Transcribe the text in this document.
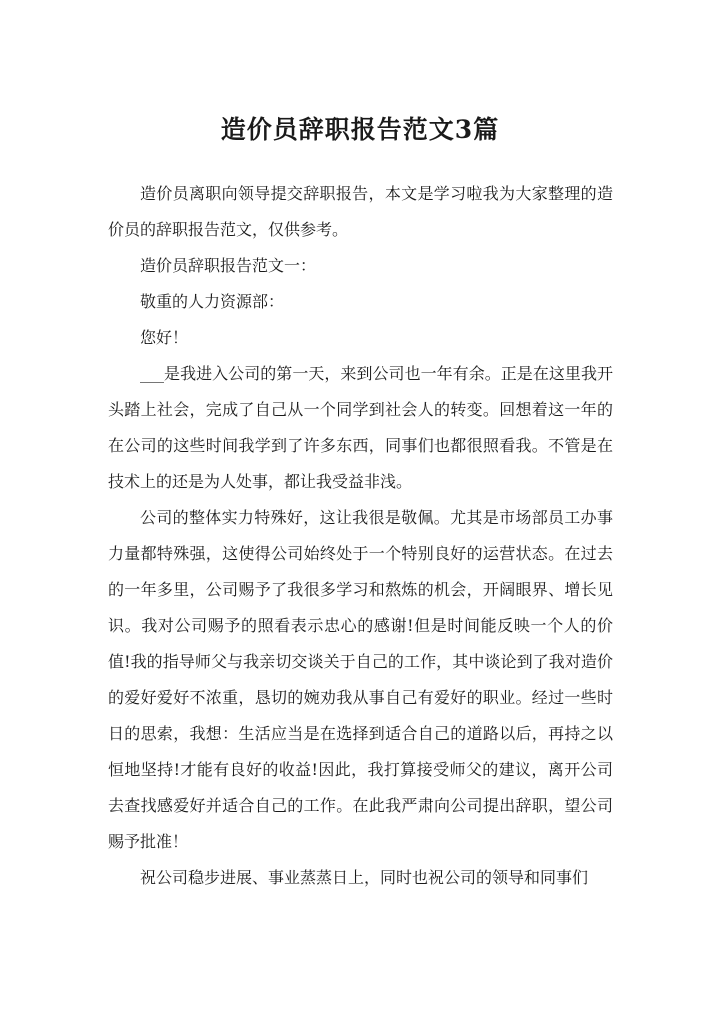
造价员辞职报告范文3篇

造价员离职向领导提交辞职报告，本文是学习啦我为大家整理的造价员的辞职报告范文，仅供参考。

造价员辞职报告范文一：

敬重的人力资源部：

您好！

___是我进入公司的第一天，来到公司也一年有余。正是在这里我开头踏上社会，完成了自己从一个同学到社会人的转变。回想着这一年的在公司的这些时间我学到了许多东西，同事们也都很照看我。不管是在技术上的还是为人处事，都让我受益非浅。

公司的整体实力特殊好，这让我很是敬佩。尤其是市场部员工办事力量都特殊强，这使得公司始终处于一个特别良好的运营状态。在过去的一年多里，公司赐予了我很多学习和熬炼的机会，开阔眼界、增长见识。我对公司赐予的照看表示忠心的感谢!但是时间能反映一个人的价值!我的指导师父与我亲切交谈关于自己的工作，其中谈论到了我对造价的爱好爱好不浓重，恳切的婉劝我从事自己有爱好的职业。经过一些时日的思索，我想：生活应当是在选择到适合自己的道路以后，再持之以恒地坚持!才能有良好的收益!因此，我打算接受师父的建议，离开公司去查找感爱好并适合自己的工作。在此我严肃向公司提出辞职，望公司赐予批准！

祝公司稳步进展、事业蒸蒸日上，同时也祝公司的领导和同事们
